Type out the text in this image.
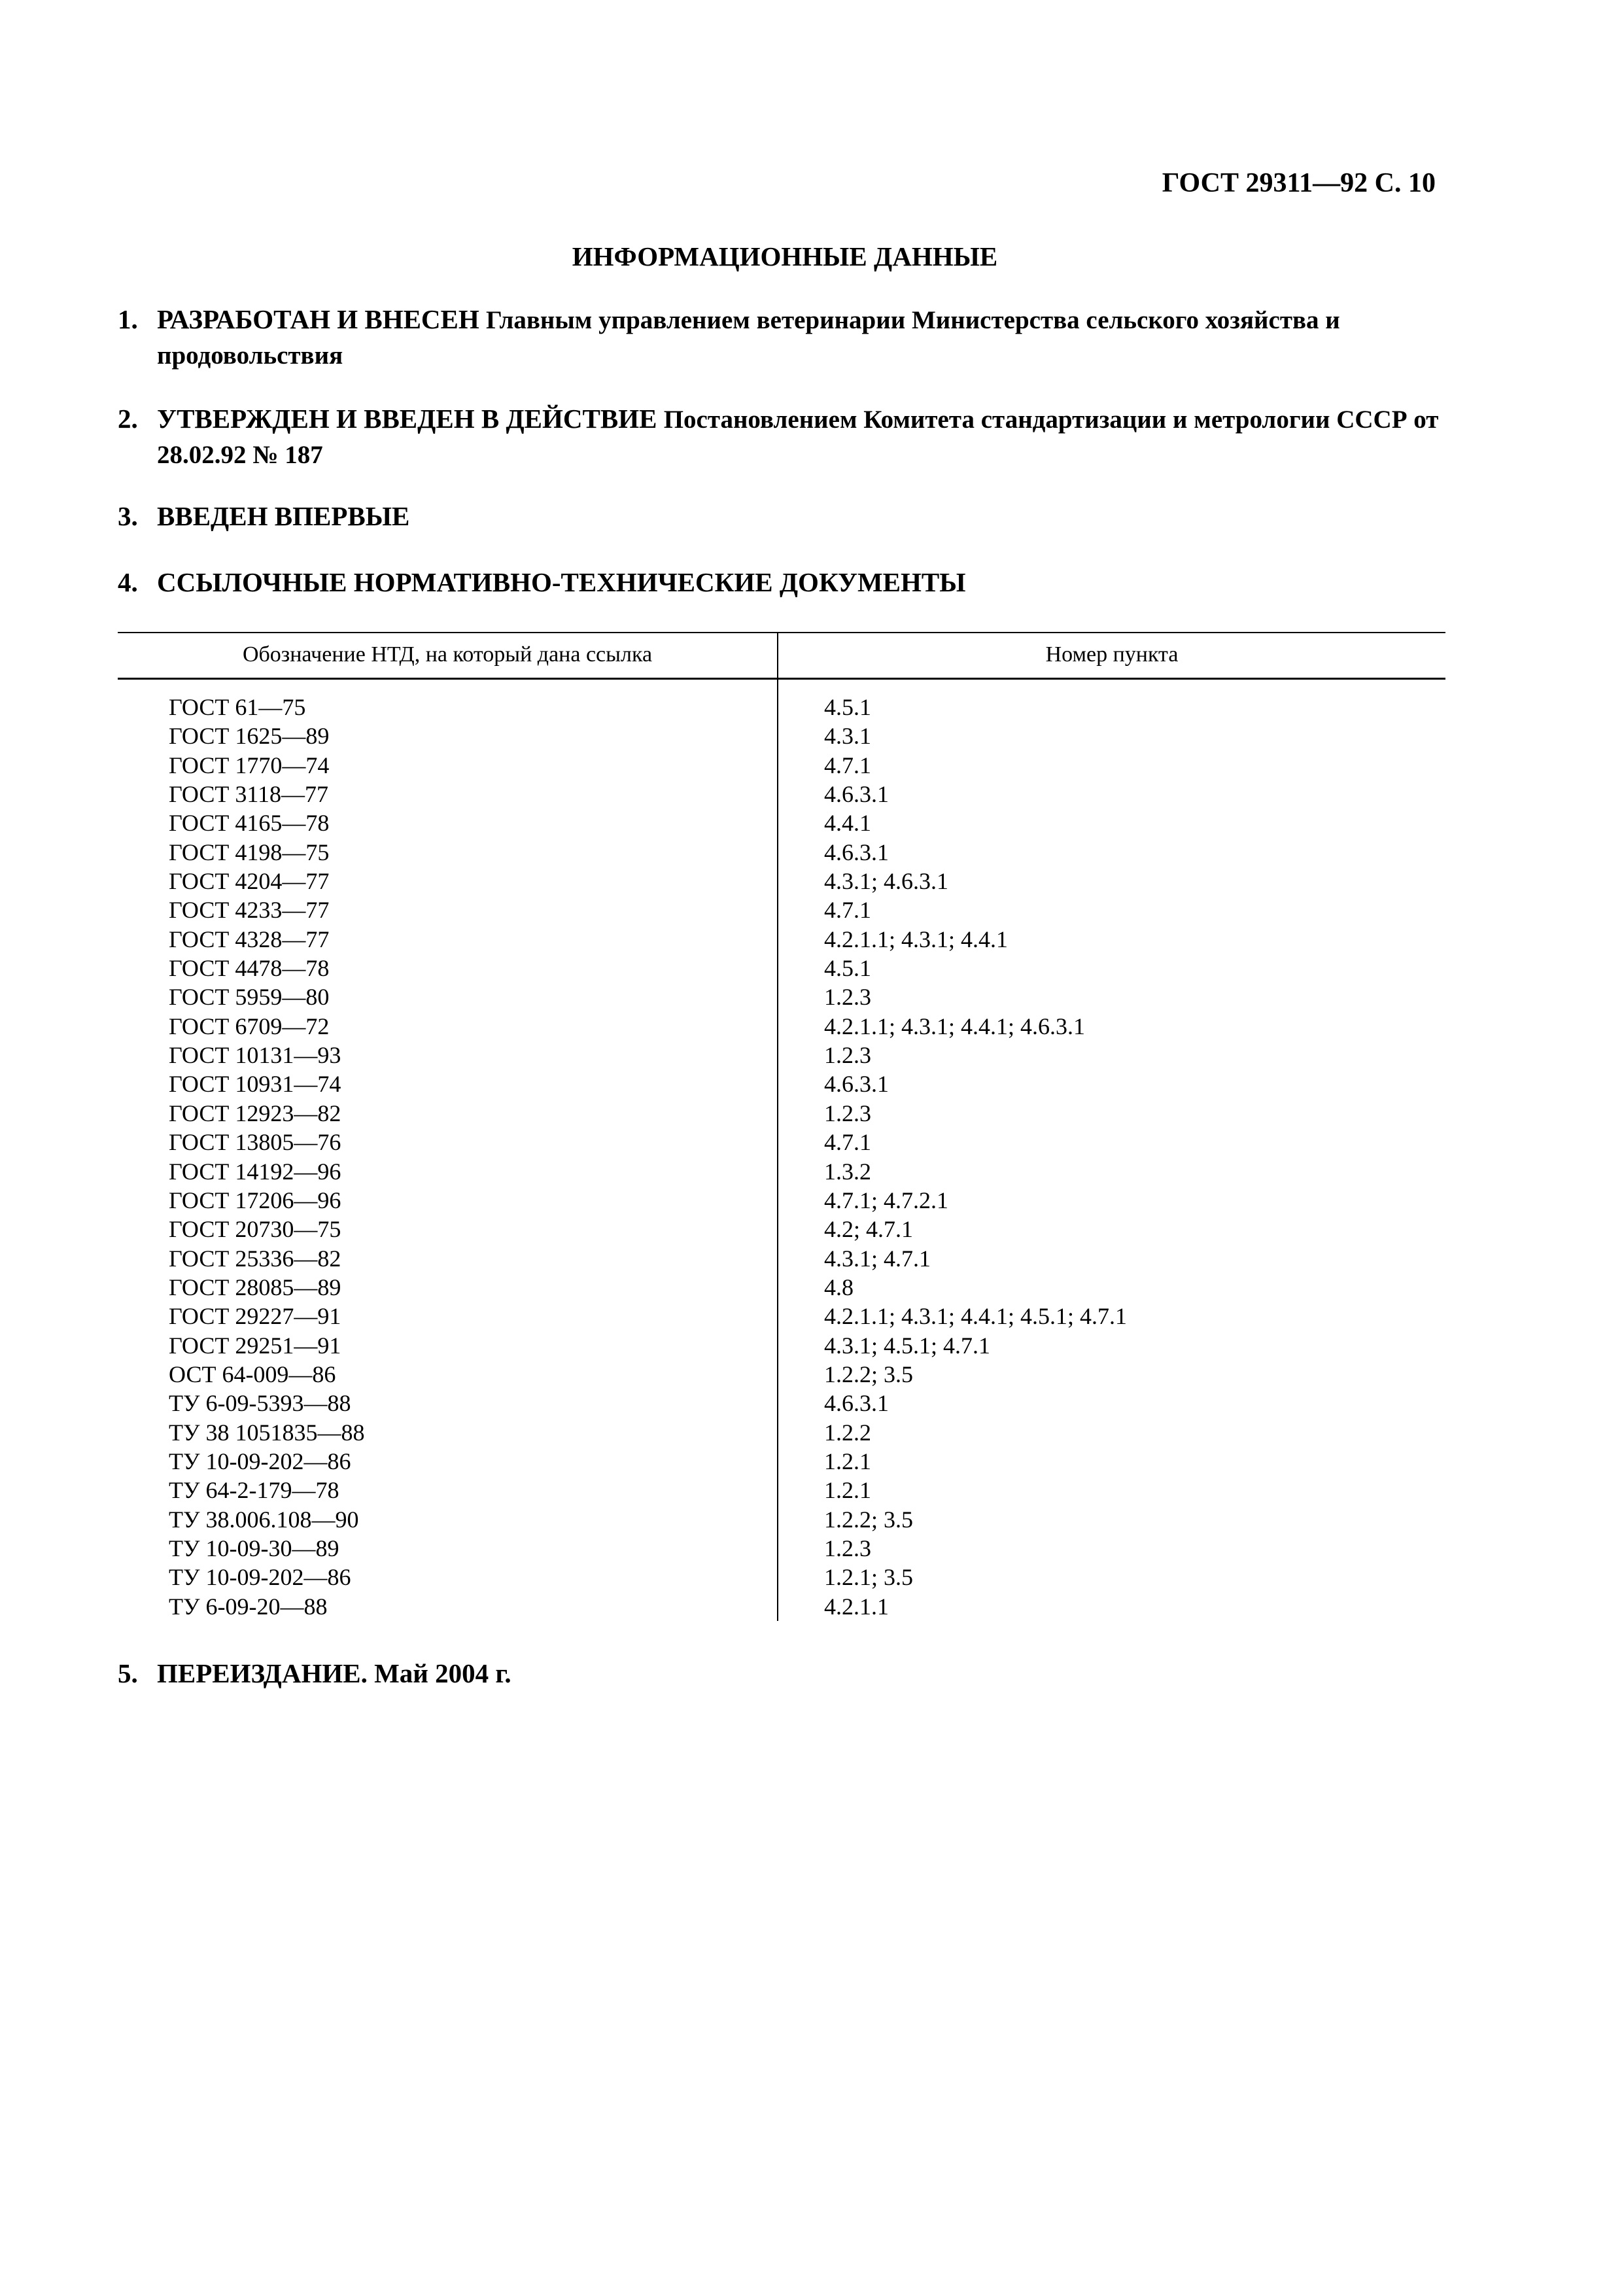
ГОСТ 29311—92 С. 10
ИНФОРМАЦИОННЫЕ ДАННЫЕ
1. РАЗРАБОТАН И ВНЕСЕН Главным управлением ветеринарии Министерства сельского хозяйства и продовольствия
2. УТВЕРЖДЕН И ВВЕДЕН В ДЕЙСТВИЕ Постановлением Комитета стандартизации и метрологии СССР от 28.02.92 № 187
3. ВВЕДЕН ВПЕРВЫЕ
4. ССЫЛОЧНЫЕ НОРМАТИВНО-ТЕХНИЧЕСКИЕ ДОКУМЕНТЫ
Обозначение НТД, на который дана ссылка	Номер пункта
ГОСТ 61—75	4.5.1
ГОСТ 1625—89	4.3.1
ГОСТ 1770—74	4.7.1
ГОСТ 3118—77	4.6.3.1
ГОСТ 4165—78	4.4.1
ГОСТ 4198—75	4.6.3.1
ГОСТ 4204—77	4.3.1; 4.6.3.1
ГОСТ 4233—77	4.7.1
ГОСТ 4328—77	4.2.1.1; 4.3.1; 4.4.1
ГОСТ 4478—78	4.5.1
ГОСТ 5959—80	1.2.3
ГОСТ 6709—72	4.2.1.1; 4.3.1; 4.4.1; 4.6.3.1
ГОСТ 10131—93	1.2.3
ГОСТ 10931—74	4.6.3.1
ГОСТ 12923—82	1.2.3
ГОСТ 13805—76	4.7.1
ГОСТ 14192—96	1.3.2
ГОСТ 17206—96	4.7.1; 4.7.2.1
ГОСТ 20730—75	4.2; 4.7.1
ГОСТ 25336—82	4.3.1; 4.7.1
ГОСТ 28085—89	4.8
ГОСТ 29227—91	4.2.1.1; 4.3.1; 4.4.1; 4.5.1; 4.7.1
ГОСТ 29251—91	4.3.1; 4.5.1; 4.7.1
ОСТ 64-009—86	1.2.2; 3.5
ТУ 6-09-5393—88	4.6.3.1
ТУ 38 1051835—88	1.2.2
ТУ 10-09-202—86	1.2.1
ТУ 64-2-179—78	1.2.1
ТУ 38.006.108—90	1.2.2; 3.5
ТУ 10-09-30—89	1.2.3
ТУ 10-09-202—86	1.2.1; 3.5
ТУ 6-09-20—88	4.2.1.1
5. ПЕРЕИЗДАНИЕ. Май 2004 г.
